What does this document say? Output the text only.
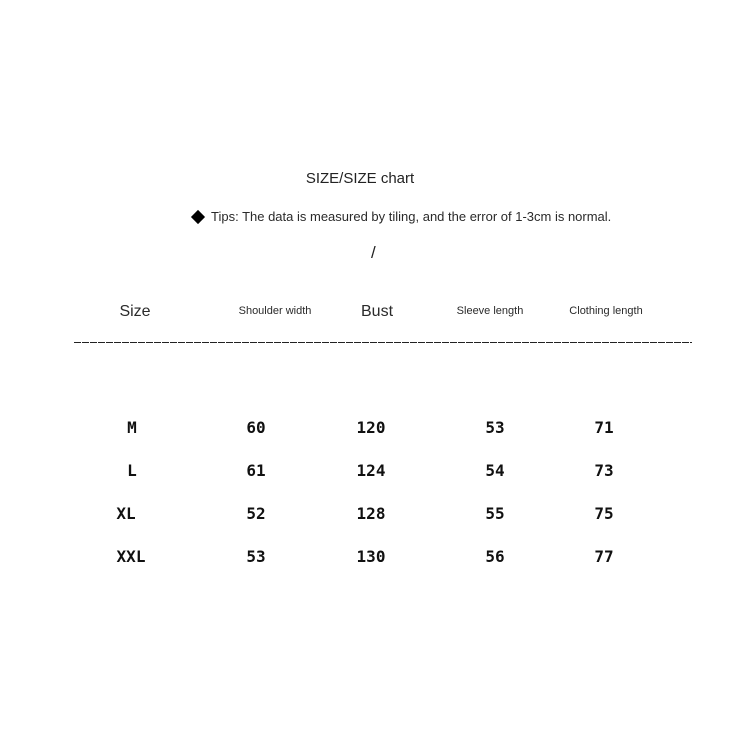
SIZE/SIZE chart
Tips: The data is measured by tiling, and the error of 1-3cm is normal.
/
Size	Shoulder width	Bust	Sleeve length	Clothing length
M	60	120	53	71
L	61	124	54	73
XL	52	128	55	75
XXL	53	130	56	77
